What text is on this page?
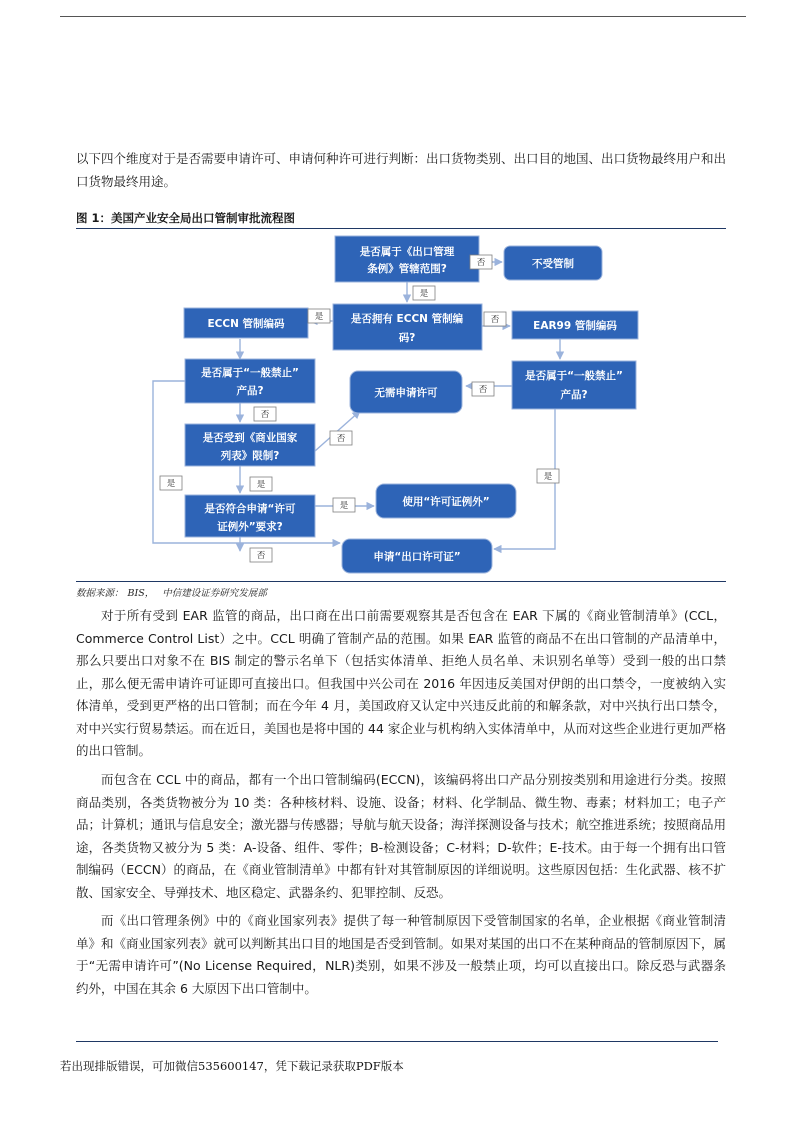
以下四个维度对于是否需要申请许可、申请何种许可进行判断：出口货物类别、出口目的地国、出口货物最终用户和出口货物最终用途。
图 1：美国产业安全局出口管制审批流程图
是否属于《出口管理
条例》管辖范围?	不受管制
ECCN 管制编码	是否拥有 ECCN 管制编
码?
EAR99 管制编码
是否属于“一般禁止”
产品?	无需申请许可
是否属于“一般禁止”
产品?
是否受到《商业国家
列表》限制?
是否符合申请“许可
证例外”要求?
使用“许可证例外”
申请“出口许可证”
否
是
是	否
否
否
否
是
是	是
是
否
数据来源： BIS， 中信建设证券研究发展部

对于所有受到 EAR 监管的商品，出口商在出口前需要观察其是否包含在 EAR 下属的《商业管制清单》(CCL，Commerce Control List）之中。CCL 明确了管制产品的范围。如果 EAR 监管的商品不在出口管制的产品清单中，那么只要出口对象不在 BIS 制定的警示名单下（包括实体清单、拒绝人员名单、未识别名单等）受到一般的出口禁止，那么便无需申请许可证即可直接出口。但我国中兴公司在 2016 年因违反美国对伊朗的出口禁令，一度被纳入实体清单，受到更严格的出口管制；而在今年 4 月，美国政府又认定中兴违反此前的和解条款，对中兴执行出口禁令，对中兴实行贸易禁运。而在近日，美国也是将中国的 44 家企业与机构纳入实体清单中，从而对这些企业进行更加严格的出口管制。

而包含在 CCL 中的商品，都有一个出口管制编码(ECCN)，该编码将出口产品分别按类别和用途进行分类。按照商品类别，各类货物被分为 10 类：各种核材料、设施、设备；材料、化学制品、微生物、毒素；材料加工；电子产品；计算机；通讯与信息安全；激光器与传感器；导航与航天设备；海洋探测设备与技术；航空推进系统；按照商品用途，各类货物又被分为 5 类：A-设备、组件、零件；B-检测设备；C-材料；D-软件；E-技术。由于每一个拥有出口管制编码（ECCN）的商品，在《商业管制清单》中都有针对其管制原因的详细说明。这些原因包括：生化武器、核不扩散、国家安全、导弹技术、地区稳定、武器条约、犯罪控制、反恐。

而《出口管理条例》中的《商业国家列表》提供了每一种管制原因下受管制国家的名单，企业根据《商业管制清单》和《商业国家列表》就可以判断其出口目的地国是否受到管制。如果对某国的出口不在某种商品的管制原因下，属于“无需申请许可”(No License Required，NLR)类别，如果不涉及一般禁止项，均可以直接出口。除反恐与武器条约外，中国在其余 6 大原因下出口管制中。

若出现排版错误，可加微信535600147，凭下载记录获取PDF版本
